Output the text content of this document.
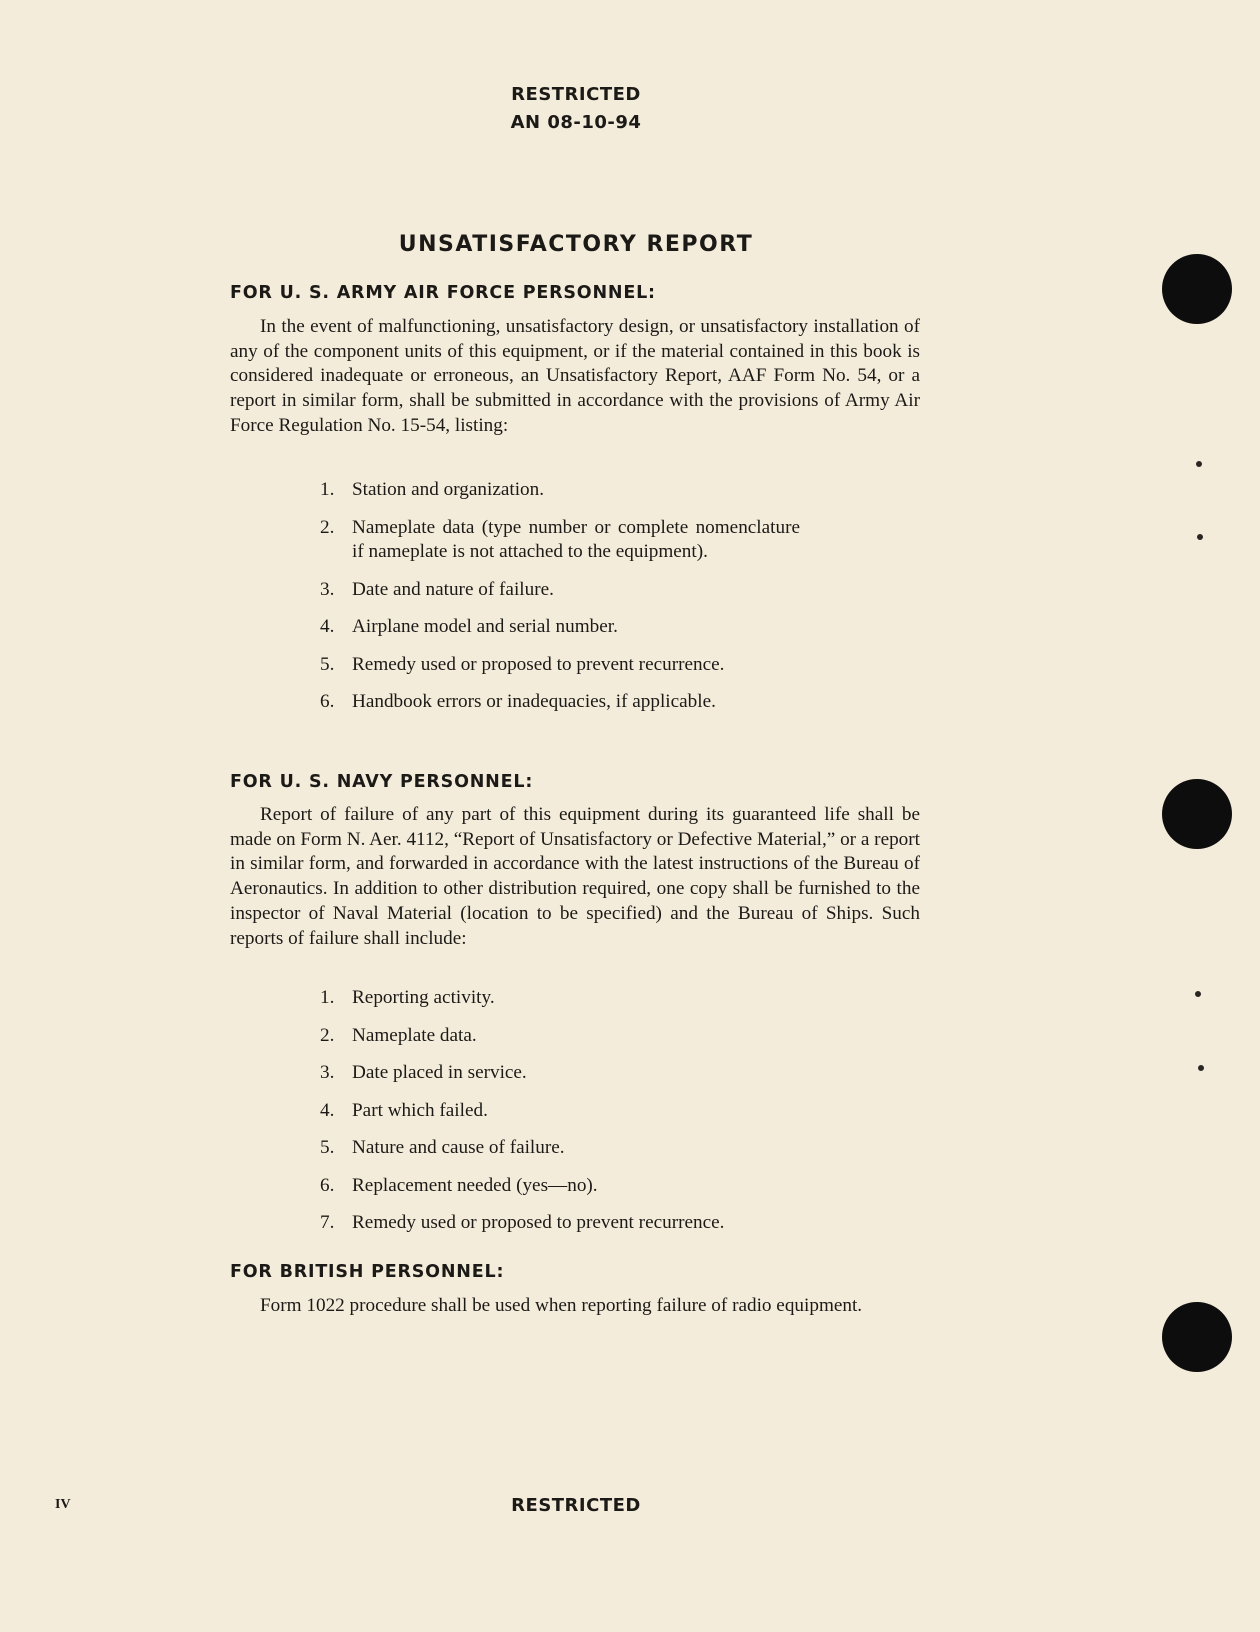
RESTRICTED
AN 08-10-94
UNSATISFACTORY REPORT
FOR U. S. ARMY AIR FORCE PERSONNEL:

In the event of malfunctioning, unsatisfactory design, or unsatisfactory installation of any of the component units of this equipment, or if the material contained in this book is considered inadequate or erroneous, an Unsatisfactory Report, AAF Form No. 54, or a report in similar form, shall be submitted in accordance with the provisions of Army Air Force Regulation No. 15-54, listing:

1. Station and organization.
2. Nameplate data (type number or complete nomenclature if nameplate is not attached to the equipment).
3. Date and nature of failure.
4. Airplane model and serial number.
5. Remedy used or proposed to prevent recurrence.
6. Handbook errors or inadequacies, if applicable.
FOR U. S. NAVY PERSONNEL:

Report of failure of any part of this equipment during its guaranteed life shall be made on Form N. Aer. 4112, “Report of Unsatisfactory or Defective Material,” or a report in similar form, and forwarded in accordance with the latest instructions of the Bureau of Aeronautics. In addition to other distribution required, one copy shall be furnished to the inspector of Naval Material (location to be specified) and the Bureau of Ships. Such reports of failure shall include:

1. Reporting activity.
2. Nameplate data.
3. Date placed in service.
4. Part which failed.
5. Nature and cause of failure.
6. Replacement needed (yes—no).
7. Remedy used or proposed to prevent recurrence.
FOR BRITISH PERSONNEL:

Form 1022 procedure shall be used when reporting failure of radio equipment.

IV	RESTRICTED
